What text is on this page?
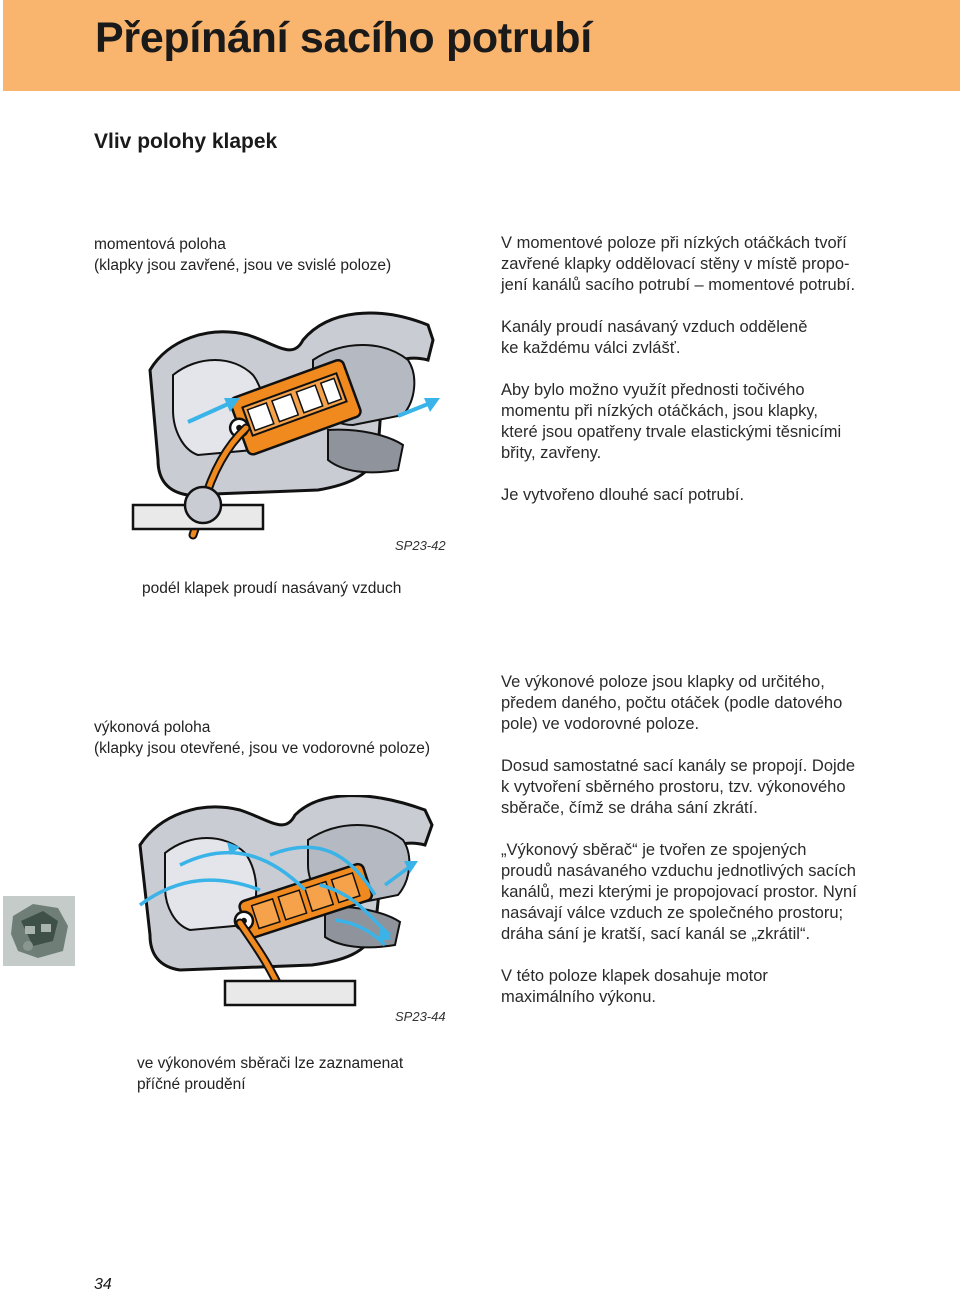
Přepínání sacího potrubí
Vliv polohy klapek
momentová poloha
(klapky jsou zavřené, jsou ve svislé poloze)

V momentové poloze při nízkých otáčkách tvoří
zavřené klapky oddělovací stěny v místě propo-
jení kanálů sacího potrubí – momentové potrubí.

Kanály proudí nasávaný vzduch odděleně
ke každému válci zvlášť.

Aby bylo možno využít přednosti točivého
momentu při nízkých otáčkách, jsou klapky,
které jsou opatřeny trvale elastickými těsnicími
břity, zavřeny.

Je vytvořeno dlouhé sací potrubí.

SP23-42
podél klapek proudí nasávaný vzduch
výkonová poloha
(klapky jsou otevřené, jsou ve vodorovné poloze)

Ve výkonové poloze jsou klapky od určitého,
předem daného, počtu otáček (podle datového
pole) ve vodorovné poloze.

Dosud samostatné sací kanály se propojí. Dojde
k vytvoření sběrného prostoru, tzv. výkonového
sběrače, čímž se dráha sání zkrátí.

„Výkonový sběrač“ je tvořen ze spojených
proudů nasávaného vzduchu jednotlivých sacích
kanálů, mezi kterými je propojovací prostor. Nyní
nasávají válce vzduch ze společného prostoru;
dráha sání je kratší, sací kanál se „zkrátil“.

V této poloze klapek dosahuje motor
maximálního výkonu.

SP23-44
ve výkonovém sběrači lze zaznamenat
příčné proudění
34
